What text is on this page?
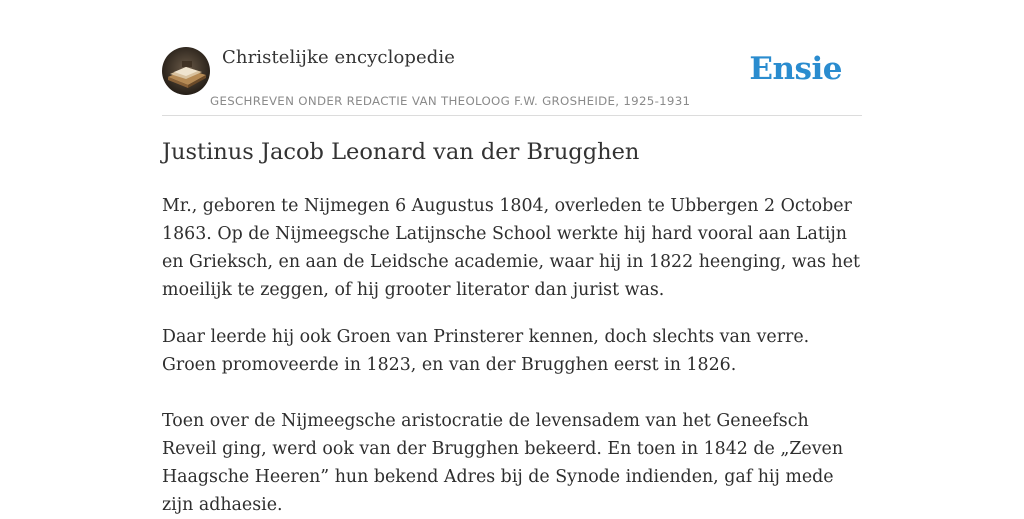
Christelijke encyclopedie
GESCHREVEN ONDER REDACTIE VAN THEOLOOG F.W. GROSHEIDE, 1925-1931
Ensie
Justinus Jacob Leonard van der Brugghen

Mr., geboren te Nijmegen 6 Augustus 1804, overleden te Ubbergen 2 October 1863. Op de Nijmeegsche Latijnsche School werkte hij hard vooral aan Latijn en Grieksch, en aan de Leidsche academie, waar hij in 1822 heenging, was het moeilijk te zeggen, of hij grooter literator dan jurist was.

Daar leerde hij ook Groen van Prinsterer kennen, doch slechts van verre. Groen promoveerde in 1823, en van der Brugghen eerst in 1826.

Toen over de Nijmeegsche aristocratie de levensadem van het Geneefsch Reveil ging, werd ook van der Brugghen bekeerd. En toen in 1842 de „Zeven Haagsche Heeren” hun bekend Adres bij de Synode indienden, gaf hij mede zijn adhaesie.
